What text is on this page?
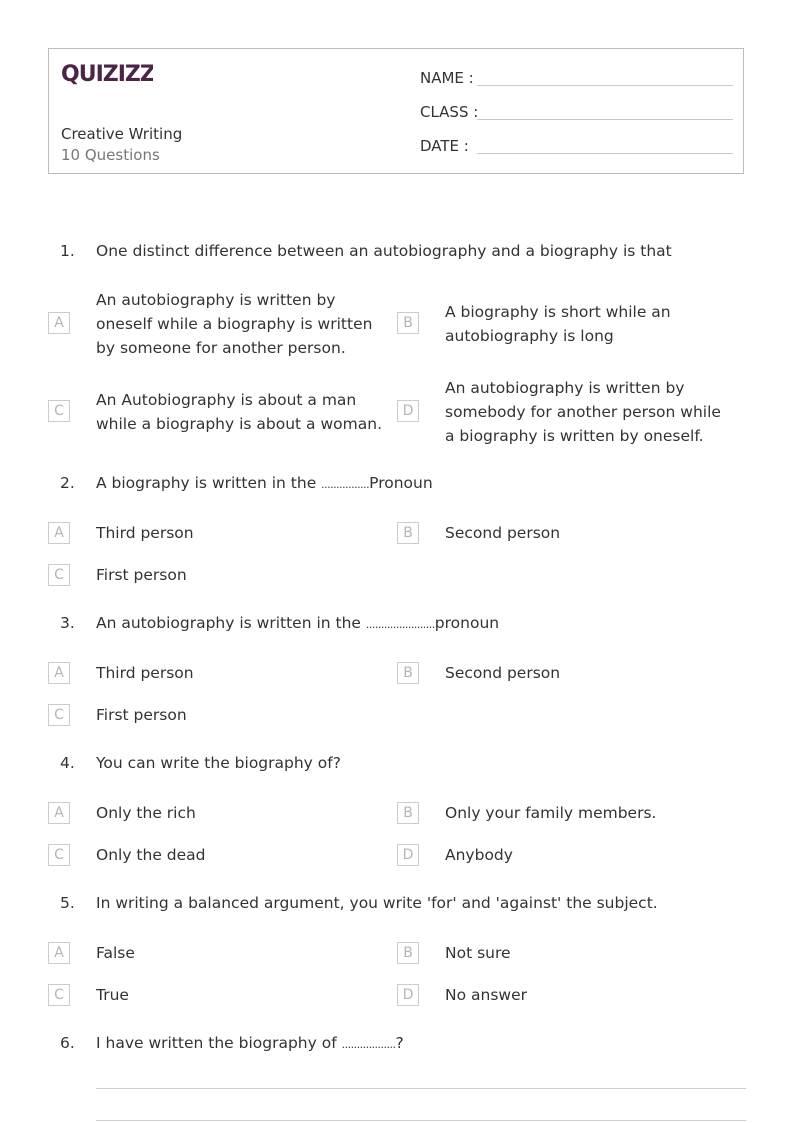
QUIZIZZ
Creative Writing
10 Questions
NAME :
CLASS :
DATE :
1. One distinct difference between an autobiography and a biography is that
A
An autobiography is written by oneself while a biography is written by someone for another person.
B
A biography is short while an autobiography is long
C
An Autobiography is about a man while a biography is about a woman.
D
An autobiography is written by somebody for another person while a biography is written by oneself.
2. A biography is written in the ................Pronoun
A	Third person	B	Second person
C	First person
3. An autobiography is written in the .......................pronoun
A	Third person	B	Second person
C	First person
4. You can write the biography of?
A	Only the rich	B	Only your family members.
C	Only the dead	D	Anybody
5. In writing a balanced argument, you write 'for' and 'against' the subject.
A	False	B	Not sure
C	True	D	No answer
6. I have written the biography of ..................?
